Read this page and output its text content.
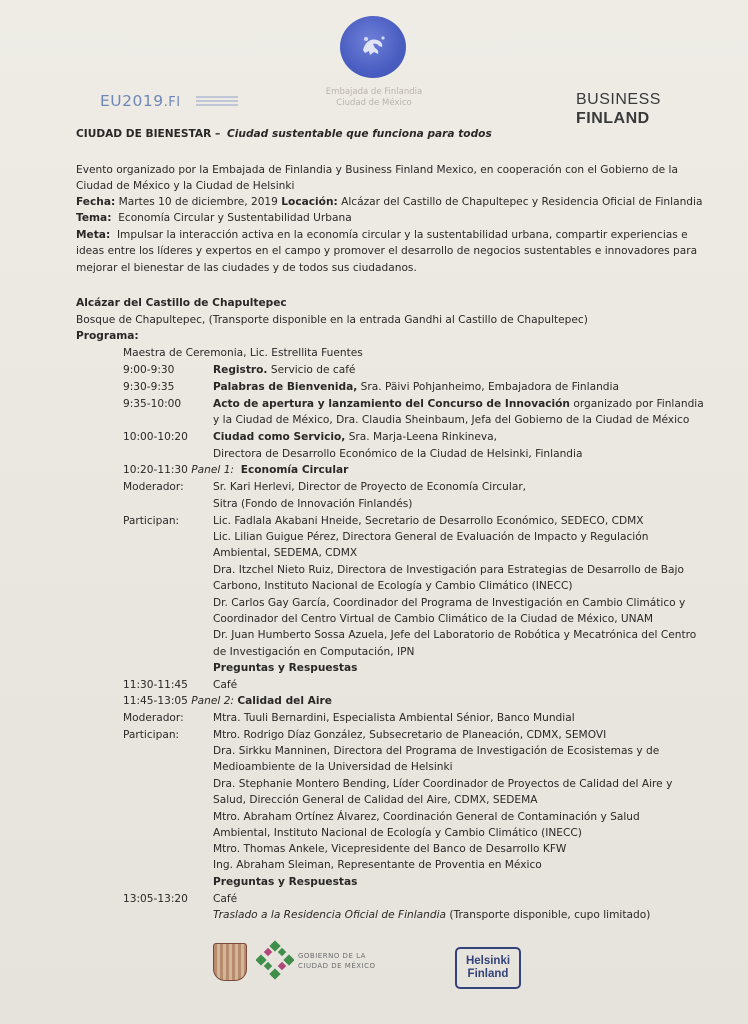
Embajada de Finlandia
Ciudad de México
EU2019.FI	BUSINESS
FINLAND
CIUDAD DE BIENESTAR – Ciudad sustentable que funciona para todos
Evento organizado por la Embajada de Finlandia y Business Finland Mexico, en cooperación con el Gobierno de la
Ciudad de México y la Ciudad de Helsinki
Fecha: Martes 10 de diciembre, 2019 Locación: Alcázar del Castillo de Chapultepec y Residencia Oficial de Finlandia
Tema: Economía Circular y Sustentabilidad Urbana
Meta: Impulsar la interacción activa en la economía circular y la sustentabilidad urbana, compartir experiencias e
ideas entre los líderes y expertos en el campo y promover el desarrollo de negocios sustentables e innovadores para
mejorar el bienestar de las ciudades y de todos sus ciudadanos.
Alcázar del Castillo de Chapultepec
Bosque de Chapultepec, (Transporte disponible en la entrada Gandhi al Castillo de Chapultepec)
Programa:
Maestra de Ceremonia, Lic. Estrellita Fuentes
9:00-9:30	Registro. Servicio de café
9:30-9:35	Palabras de Bienvenida, Sra. Päivi Pohjanheimo, Embajadora de Finlandia
9:35-10:00	Acto de apertura y lanzamiento del Concurso de Innovación organizado por Finlandia
y la Ciudad de México, Dra. Claudia Sheinbaum, Jefa del Gobierno de la Ciudad de México
10:00-10:20 Ciudad como Servicio, Sra. Marja-Leena Rinkineva,
Directora de Desarrollo Económico de la Ciudad de Helsinki, Finlandia
10:20-11:30 Panel 1: Economía Circular
Moderador:	Sr. Kari Herlevi, Director de Proyecto de Economía Circular,
Sitra (Fondo de Innovación Finlandés)
Participan:	Lic. Fadlala Akabani Hneide, Secretario de Desarrollo Económico, SEDECO, CDMX
Lic. Lilian Guigue Pérez, Directora General de Evaluación de Impacto y Regulación
Ambiental, SEDEMA, CDMX
Dra. Itzchel Nieto Ruiz, Directora de Investigación para Estrategias de Desarrollo de Bajo
Carbono, Instituto Nacional de Ecología y Cambio Climático (INECC)
Dr. Carlos Gay García, Coordinador del Programa de Investigación en Cambio Climático y
Coordinador del Centro Virtual de Cambio Climático de la Ciudad de México, UNAM
Dr. Juan Humberto Sossa Azuela, Jefe del Laboratorio de Robótica y Mecatrónica del Centro
de Investigación en Computación, IPN
Preguntas y Respuestas
11:30-11:45 Café
11:45-13:05 Panel 2: Calidad del Aire
Moderador:	Mtra. Tuuli Bernardini, Especialista Ambiental Sénior, Banco Mundial
Participan:	Mtro. Rodrigo Díaz González, Subsecretario de Planeación, CDMX, SEMOVI
Dra. Sirkku Manninen, Directora del Programa de Investigación de Ecosistemas y de
Medioambiente de la Universidad de Helsinki
Dra. Stephanie Montero Bending, Líder Coordinador de Proyectos de Calidad del Aire y
Salud, Dirección General de Calidad del Aire, CDMX, SEDEMA
Mtro. Abraham Ortínez Álvarez, Coordinación General de Contaminación y Salud
Ambiental, Instituto Nacional de Ecología y Cambio Climático (INECC)
Mtro. Thomas Ankele, Vicepresidente del Banco de Desarrollo KFW
Ing. Abraham Sleiman, Representante de Proventia en México
Preguntas y Respuestas
13:05-13:20 Café
Traslado a la Residencia Oficial de Finlandia (Transporte disponible, cupo limitado)
GOBIERNO DE LA
CIUDAD DE MÉXICO	Helsinki
Finland
